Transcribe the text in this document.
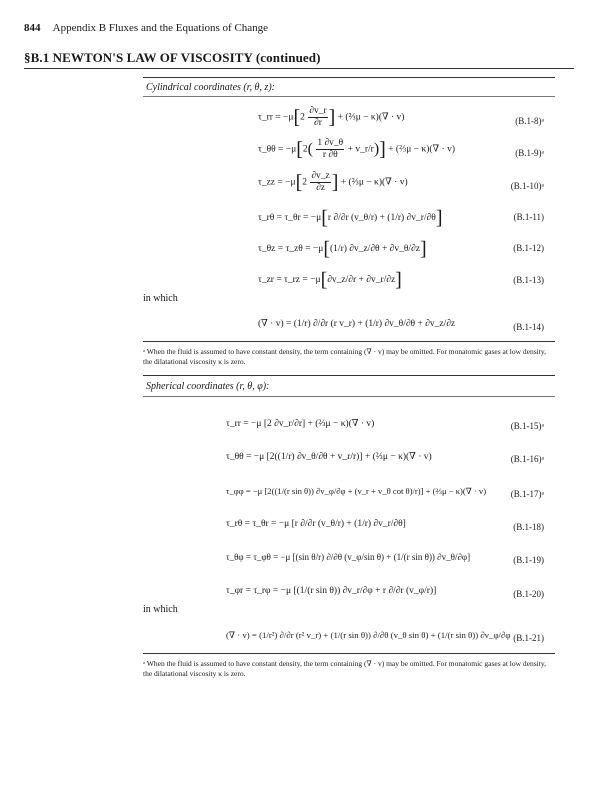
844 Appendix B Fluxes and the Equations of Change
§B.1 NEWTON'S LAW OF VISCOSITY (continued)
Cylindrical coordinates (r, θ, z):
τ_rr = $-\mu[2 \frac{\partial v\_r}{\partial r}$ ] + (⅔μ − κ)(∇ · v)	(B.1-8)ᵃ
τ_θθ = $-\mu[2( \frac{1 \partial v\_\theta}{r \partial\theta}$ + v_r/r)] + (⅔μ − κ)(∇ · v)	(B.1-9)ᵃ
τ_zz = $-\mu[2 \frac{\partial v\_z}{\partial z}$ ] + (⅔μ − κ)(∇ · v)	(B.1-10)ᵃ
τ_rθ = τ_θr = −μ[r ∂/∂r (v_θ/r) + (1/r) ∂v_r/∂θ]	(B.1-11)
τ_θz = τ_zθ = −μ[(1/r) ∂v_z/∂θ + ∂v_θ/∂z]	(B.1-12)
τ_zr = τ_rz = −μ[∂v_z/∂r + ∂v_r/∂z]	(B.1-13)
in which
(∇ · v) = (1/r) ∂/∂r (r v_r) + (1/r) ∂v_θ/∂θ + ∂v_z/∂z	(B.1-14)
ᵃ When the fluid is assumed to have constant density, the term containing (∇ · v) may be omitted. For monatomic gases at low density, the dilatational viscosity κ is zero.
Spherical coordinates (r, θ, φ):
τ_rr = −μ [2 ∂v_r/∂r] + (⅔μ − κ)(∇ · v)	(B.1-15)ᵃ
τ_θθ = −μ [2((1/r) ∂v_θ/∂θ + v_r/r)] + (⅔μ − κ)(∇ · v)	(B.1-16)ᵃ
τ_φφ = −μ [2((1/(r sin θ)) ∂v_φ/∂φ + (v_r + v_θ cot θ)/r)] + (⅔μ − κ)(∇ · v)	(B.1-17)ᵃ
τ_rθ = τ_θr = −μ [r ∂/∂r (v_θ/r) + (1/r) ∂v_r/∂θ]	(B.1-18)
τ_θφ = τ_φθ = −μ [(sin θ/r) ∂/∂θ (v_φ/sin θ) + (1/(r sin θ)) ∂v_θ/∂φ]	(B.1-19)
τ_φr = τ_rφ = −μ [(1/(r sin θ)) ∂v_r/∂φ + r ∂/∂r (v_φ/r)]	(B.1-20)
in which
(∇ · v) = (1/r²) ∂/∂r (r² v_r) + (1/(r sin θ)) ∂/∂θ (v_θ sin θ) + (1/(r sin θ)) ∂v_φ/∂φ (B.1-21)
ᵃ When the fluid is assumed to have constant density, the term containing (∇ · v) may be omitted. For monatomic gases at low density, the dilatational viscosity κ is zero.
